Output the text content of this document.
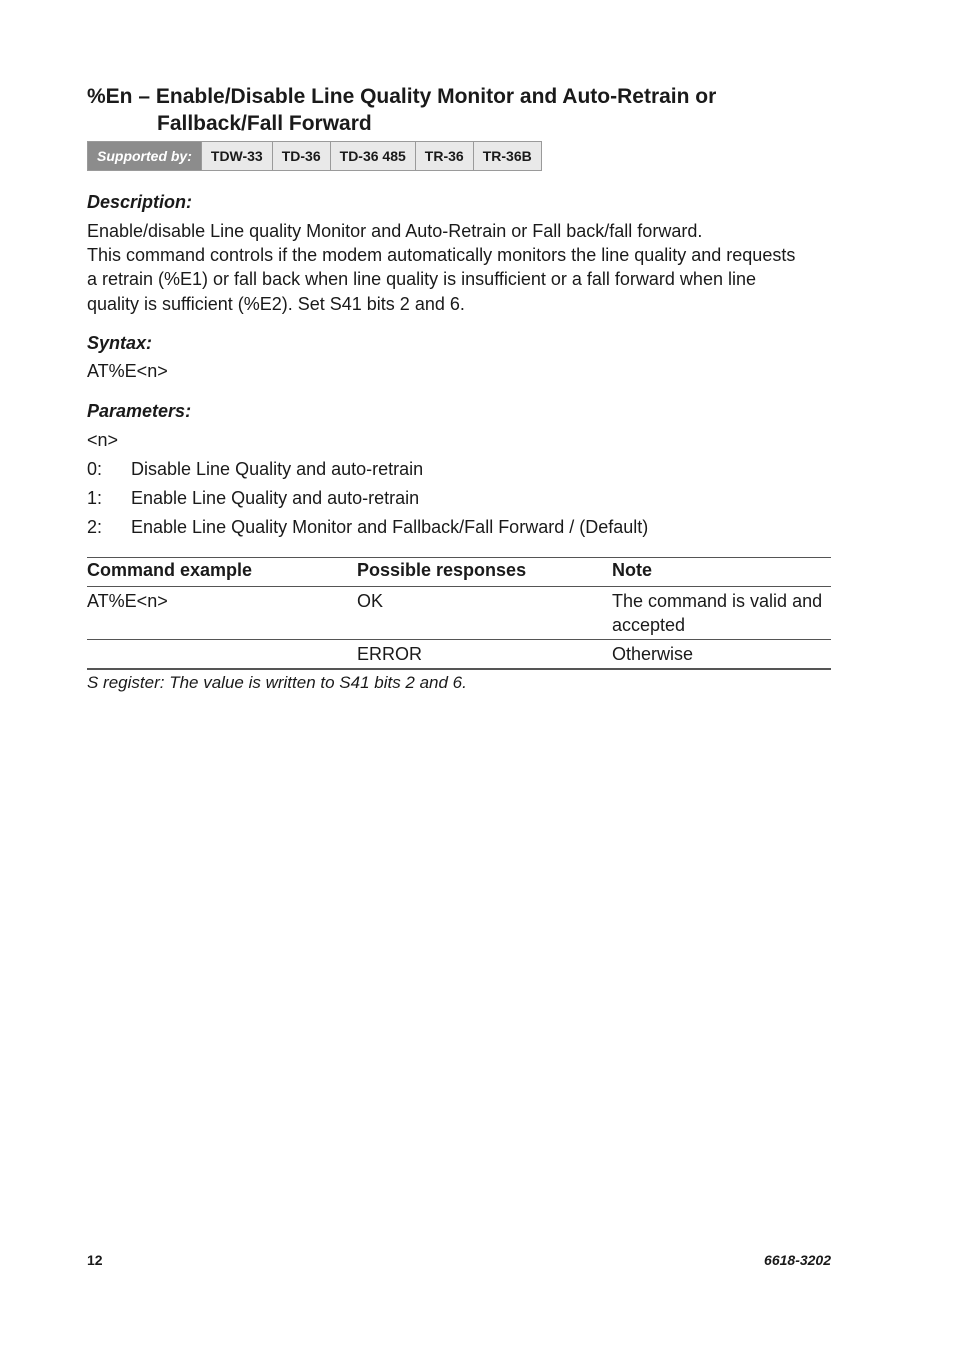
%En – Enable/Disable Line Quality Monitor and Auto-Retrain or
Fallback/Fall Forward
Supported by:	TDW-33	TD-36	TD-36 485	TR-36	TR-36B
Description:

Enable/disable Line quality Monitor and Auto-Retrain or Fall back/fall forward.

This command controls if the modem automatically monitors the line quality and requests a retrain (%E1) or fall back when line quality is insufficient or a fall forward when line quality is sufficient (%E2). Set S41 bits 2 and 6.

Syntax:

AT%E<n>

Parameters:

<n>

0:	Disable Line Quality and auto-retrain
1:	Enable Line Quality and auto-retrain
2:	Enable Line Quality Monitor and Fallback/Fall Forward / (Default)
Command example	Possible responses	Note
AT%E<n>	OK	The command is valid and accepted
	ERROR	Otherwise

S register: The value is written to S41 bits 2 and 6.

12	6618-3202
